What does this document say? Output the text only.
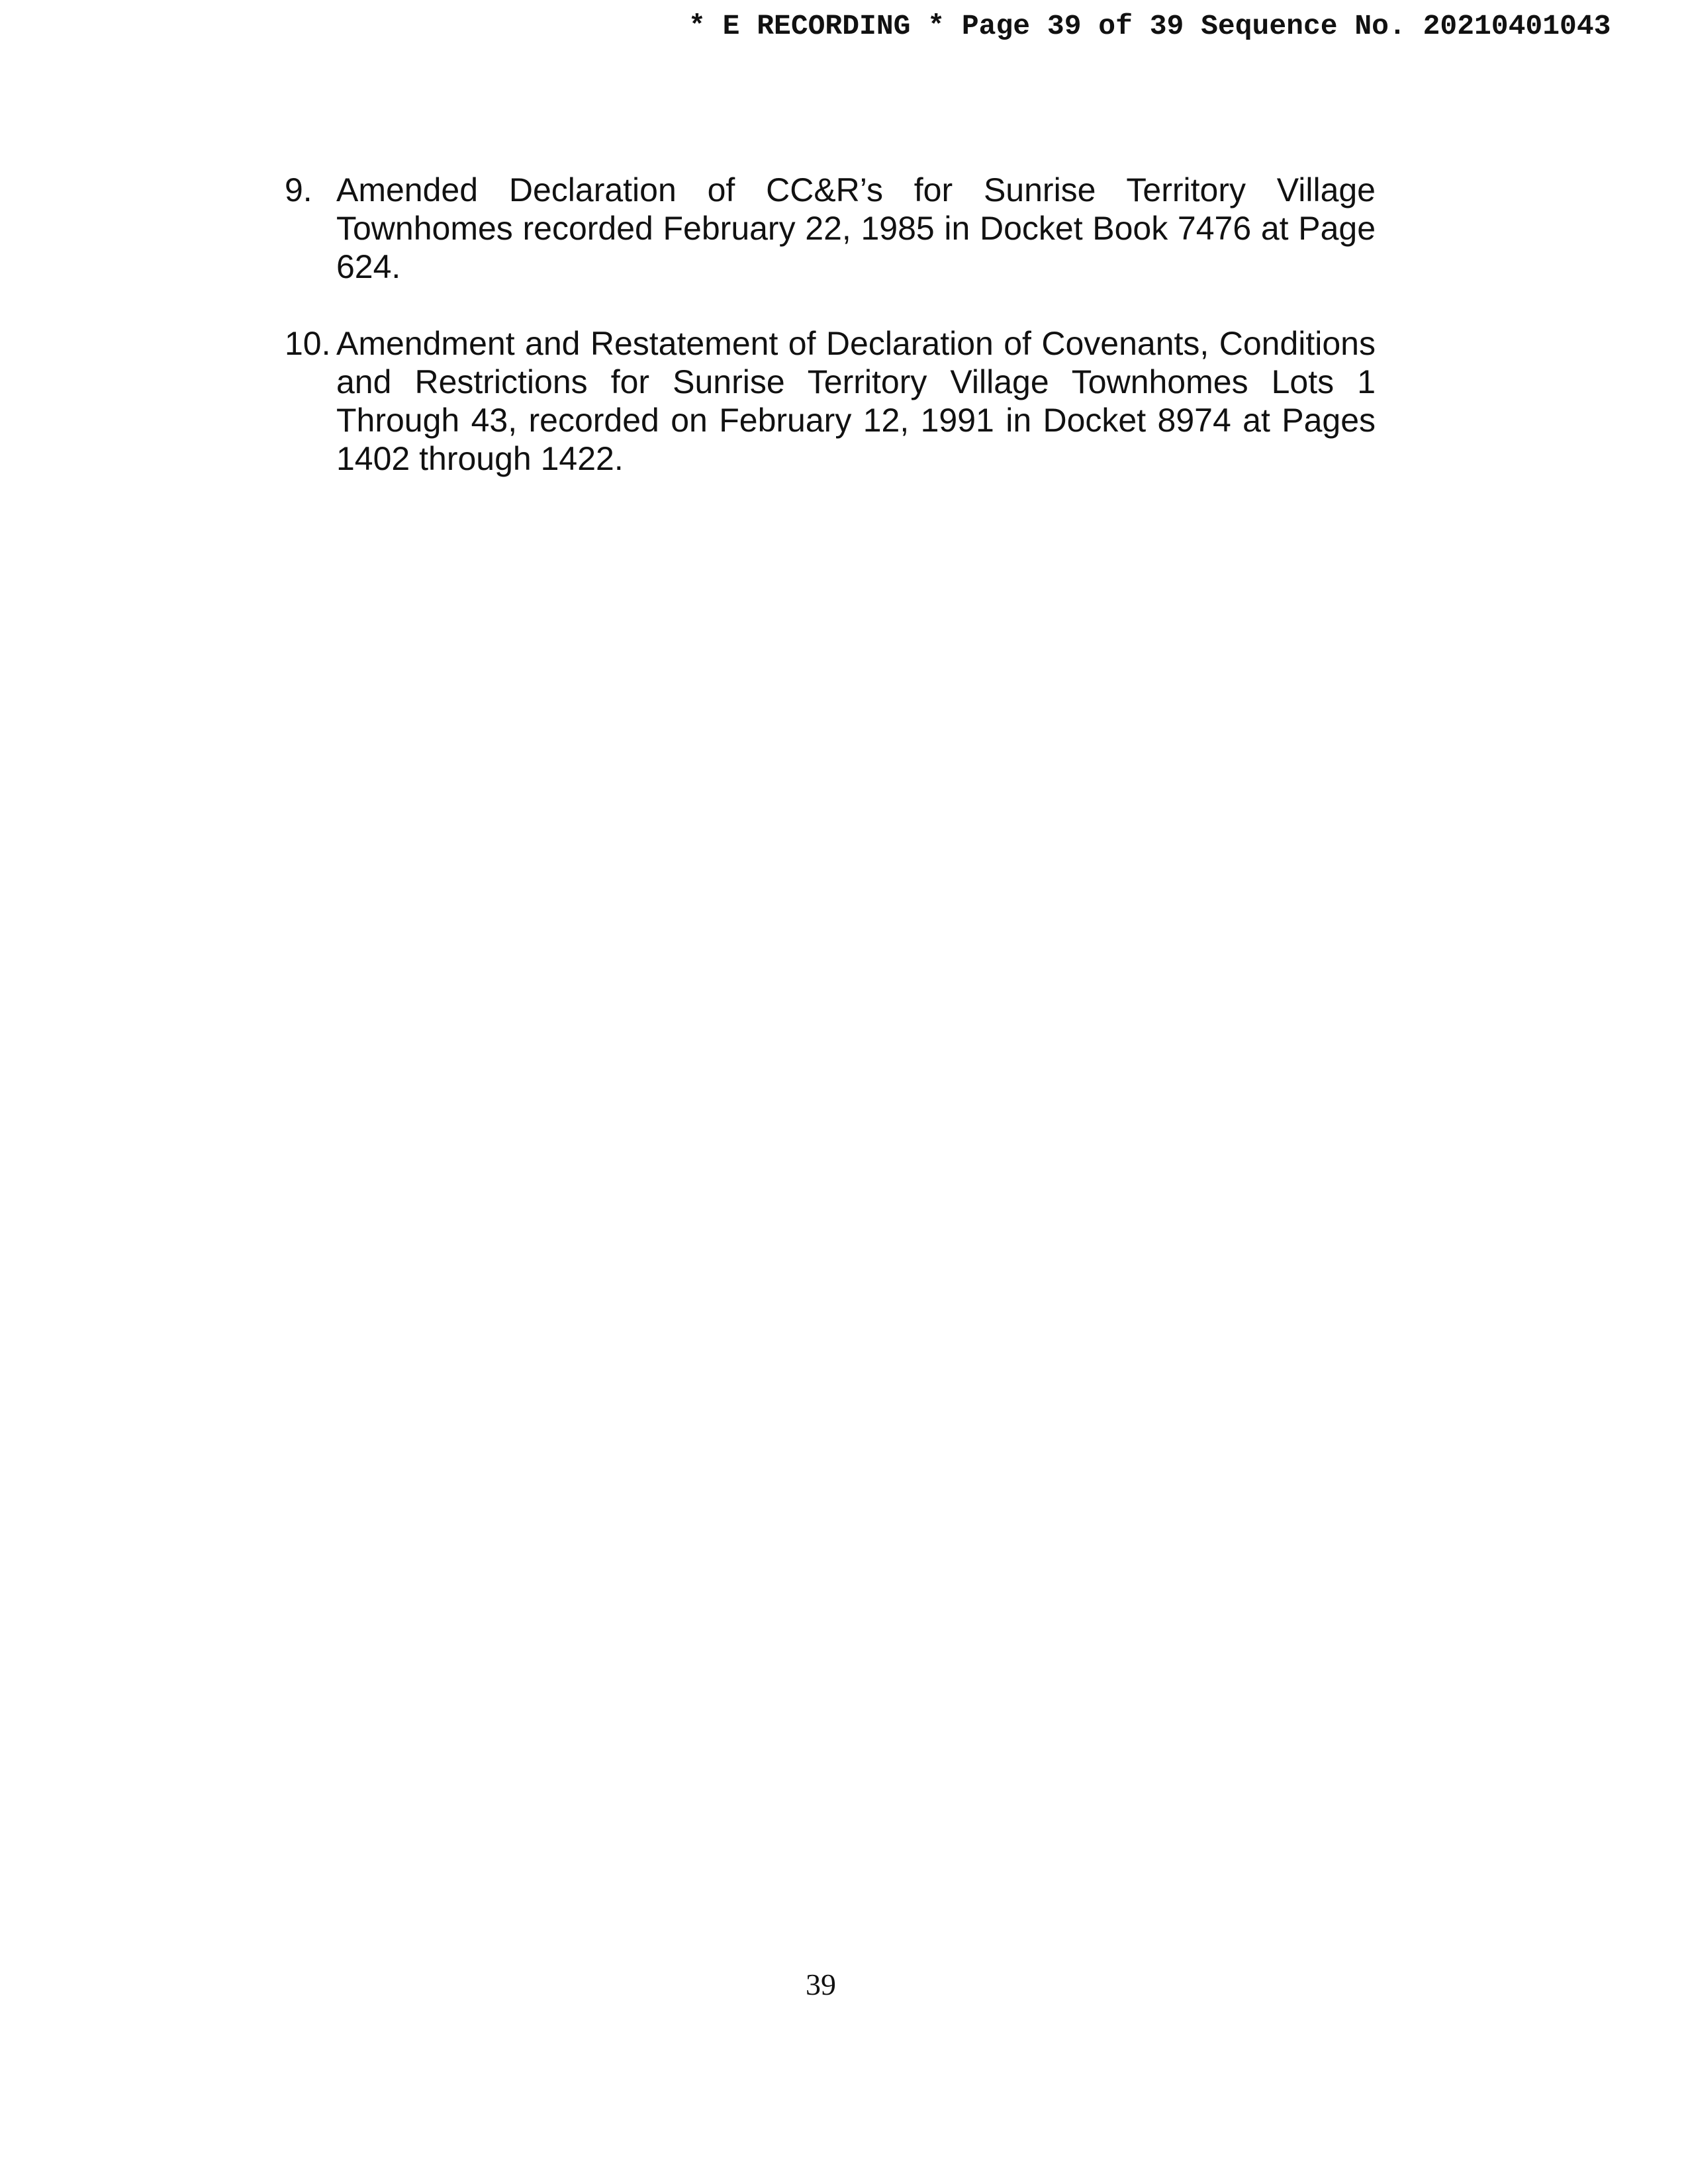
* E RECORDING * Page 39 of 39 Sequence No. 20210401043
9. Amended Declaration of CC&R’s for Sunrise Territory Village Townhomes recorded February 22, 1985 in Docket Book 7476 at Page 624.
10. Amendment and Restatement of Declaration of Covenants, Conditions and Restrictions for Sunrise Territory Village Townhomes Lots 1 Through 43, recorded on February 12, 1991 in Docket 8974 at Pages 1402 through 1422.
39
